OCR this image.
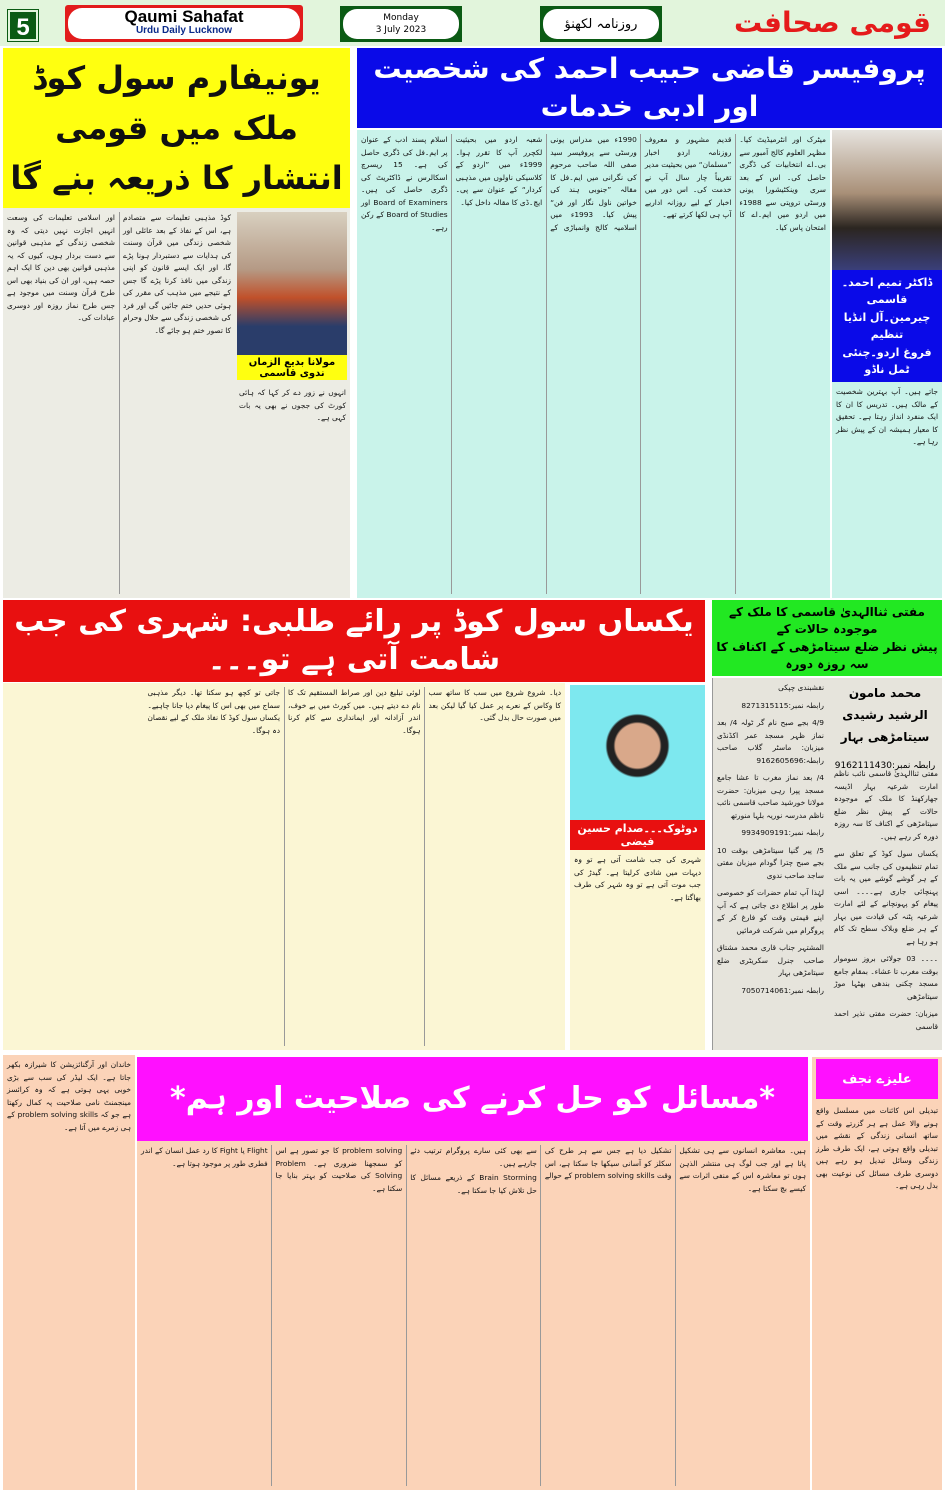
5	Qaumi Sahafat
Urdu Daily Lucknow
Monday
3 July 2023	روزنامہ لکھنؤ	قومی صحافت
یونیفارم سول کوڈ ملک میں قومی انتشار کا ذریعہ بنے گا

کوڈ مذہبی تعلیمات سے متصادم ہے، اس کے نفاذ کے بعد عائلی اور شخصی زندگی میں قرآن وسنت کی ہدایات سے دستبردار ہونا پڑے گا، اور ایک ایسے قانون کو اپنی زندگی میں نافذ کرنا پڑے گا جس کے نتیجے میں مذہب کی مقرر کی ہوئی حدیں ختم جائیں گی اور فرد کی شخصی زندگی سے حلال وحرام کا تصور ختم ہو جائے گا۔

اور اسلامی تعلیمات کی وسعت انہیں اجازت نہیں دیتی کہ وہ شخصی زندگی کے مذہبی قوانین سے دست بردار ہوں، کیوں کہ یہ مذہبی قوانین بھی دین کا ایک اہم حصہ ہیں، اور ان کی بنیاد بھی اس طرح قرآن وسنت میں موجود ہے جس طرح نماز روزہ اور دوسری عبادات کی۔

انہوں نے زور دے کر کہا کہ ہائی کورٹ کی ججوں نے بھی یہ بات کہی ہے۔

مولانا بدیع الزماں ندوی قاسمی
پروفیسر قاضی حبیب احمد کی شخصیت اور ادبی خدمات

میٹرک اور انٹرمیڈیٹ کیا۔ مظہر العلوم کالج آمبور سے بی۔اے انتخابیات کی ڈگری حاصل کی۔ اس کے بعد سری وینکٹیشورا یونی ورسٹی تروپتی سے 1988ء میں اردو میں ایم۔اے کا امتحان پاس کیا۔

قدیم مشہور و معروف روزنامہ اردو اخبار ”مسلمان“ میں بحیثیت مدیر تقریباً چار سال آپ نے خدمت کی۔ اس دور میں اخبار کے لیے روزانہ اداریے آپ ہی لکھا کرتے تھے۔

1990ء میں مدراس یونی ورسٹی سے پروفیسر سید صفی اللہ صاحب مرحوم کی نگرانی میں ایم۔فل کا مقالہ ”جنوبی ہند کی خواتین ناول نگار اور فن“ پیش کیا۔ 1993ء میں اسلامیہ کالج وانمباڑی کے شعبہ اردو میں بحیثیت لکچرر آپ کا تقرر ہوا۔ 1999ء میں ”اردو کے کلاسیکی ناولوں میں مذہبی کردار“ کے عنوان سے پی۔ایچ۔ڈی کا مقالہ داخل کیا۔

اسلام پسند ادب کے عنوان پر ایم۔فل کی ڈگری حاصل کی ہے۔ 15 ریسرچ اسکالرس نے ڈاکٹریٹ کی ڈگری حاصل کی ہیں۔ Board of Examiners اور Board of Studies کے رکن رہے۔

ڈاکٹر تمیم احمد۔قاسمی
چیرمین۔آل انڈیا تنظیم
فروغ اردو۔چنئی ٹمل ناڈو

جاتے ہیں۔ آپ بہترین شخصیت کے مالک ہیں۔ تدریس کا ان کا ایک منفرد انداز رہتا ہے۔ تحقیق کا معیار ہمیشہ ان کے پیش نظر رہا ہے۔

یکساں سول کوڈ پر رائے طلبی: شہری کی جب شامت آتی ہے تو۔۔۔

دیا۔ شروع شروع میں سب کا ساتھ سب کا وکاس کے نعرے پر عمل کیا گیا لیکن بعد میں صورت حال بدل گئی۔

لوئی تبلیغ دین اور صراط المستقیم تک کا نام دے دیتے ہیں۔ میں کورٹ میں بے خوف، اندر آزادانہ اور ایمانداری سے کام کرنا ہوگا۔

جاتی تو کچھ ہو سکتا تھا۔ دیگر مذہبی سماج میں بھی اس کا پیغام دیا جانا چاہیے۔ یکساں سول کوڈ کا نفاذ ملک کے لیے نقصان دہ ہوگا۔

دوٹوک۔۔۔صدام حسین فیضی

شہری کی جب شامت آتی ہے تو وہ دیہات میں شادی کرلیتا ہے۔ گیدڑ کی جب موت آتی ہے تو وہ شہر کی طرف بھاگتا ہے۔

مفتی ثناالہدیٰ قاسمی کا ملک کے موجودہ حالات کے
پیش نظر ضلع سیتامڑھی کے اکناف کا سہ روزہ دورہ
محمد مامون الرشید رشیدی
سیتامڑھی بہار
رابطہ نمبر:9162111430

مفتی ثناالہدیٰ قاسمی نائب ناظم امارت شرعیہ بہار اڈیسہ جھارکھنڈ کا ملک کے موجودہ حالات کے پیش نظر ضلع سیتامڑھی کے اکناف کا سہ روزہ دورہ کر رہے ہیں۔

یکساں سول کوڈ کے تعلق سے تمام تنظیموں کی جانب سے ملک کے ہر گوشے گوشے میں یہ بات پہنچائی جاری ہے۔۔۔۔ اسی پیغام کو پہونچانے کے لئے امارت شرعیہ پٹنہ کی قیادت میں بہار کے ہر ضلع وبلاک سطح تک کام ہو رہا ہے

۔۔۔۔ 03 جولائی بروز سوموار بوقت مغرب تا عشاء۔ بمقام جامع مسجد چکنی بندھی بھٹہا موڑ سیتامڑھی

میزبان: حضرت مفتی نذیر احمد قاسمی

نقشبندی چپکی

رابطہ نمبر:8271315115

4/9 بجے صبح نام گر ٹولہ 4/ بعد نماز ظہر مسجد عمر اکڈنڈی میزبان: ماسٹر گلاب صاحب رابطہ:9162605696

4/ بعد نماز مغرب تا عشا جامع مسجد پپرا رہی میزبان: حضرت مولانا خورشید صاحب قاسمی نائب ناظم مدرسہ نوریہ بلہا منورتھ

رابطہ نمبر:9934909191

5/ پیر گنیا سیتامڑھی بوقت 10 بجے صبح چترا گودام میزبان مفتی ساجد صاحب ندوی

لہٰذا آپ تمام حضرات کو خصوصی طور پر اطلاع دی جاتی ہے کہ آپ اپنے قیمتی وقت کو فارغ کر کے پروگرام میں شرکت فرمائیں

المشتہر جناب قاری محمد مشتاق صاحب جنرل سکریٹری ضلع سیتامڑھی بہار

رابطہ نمبر:7050714061

خاندان اور آرگنائزیشن کا شیرازہ بکھر جاتا ہے۔ ایک لیڈر کی سب سے بڑی خوبی یہی ہوتی ہے کہ وہ کرائسز مینجمنٹ نامی صلاحیت پہ کمال رکھتا ہے جو کہ problem solving skills کے ہی زمرے میں آتا ہے۔

*مسائل کو حل کرنے کی صلاحیت اور ہم*

ہیں۔ معاشرہ انسانوں سے ہی تشکیل پاتا ہے اور جب لوگ ہی منتشر الذہن ہوں تو معاشرہ اس کے منفی اثرات سے کیسے بچ سکتا ہے۔

تشکیل دیا ہے جس سے ہر طرح کی سکلز کو آسانی سیکھا جا سکتا ہے، اس وقت problem solving skills کے حوالے سے بھی کئی سارے پروگرام ترتیب دئے جارہے ہیں۔

Brain Storming کے ذریعے مسائل کا حل تلاش کیا جا سکتا ہے۔

problem solving کا جو تصور ہے اس کو سمجھنا ضروری ہے۔ Problem Solving کی صلاحیت کو بہتر بنایا جا سکتا ہے۔

Flight یا Fight کا رد عمل انسان کے اندر فطری طور پر موجود ہوتا ہے۔

علیزے نجف

تبدیلی اس کائنات میں مسلسل واقع ہونے والا عمل ہے ہر گزرتے وقت کے ساتھ انسانی زندگی کے نقشے میں تبدیلی واقع ہوتی ہے، ایک طرف طرز زندگی وسائل تبدیل ہو رہے ہیں دوسری طرف مسائل کی نوعیت بھی بدل رہی ہے۔
